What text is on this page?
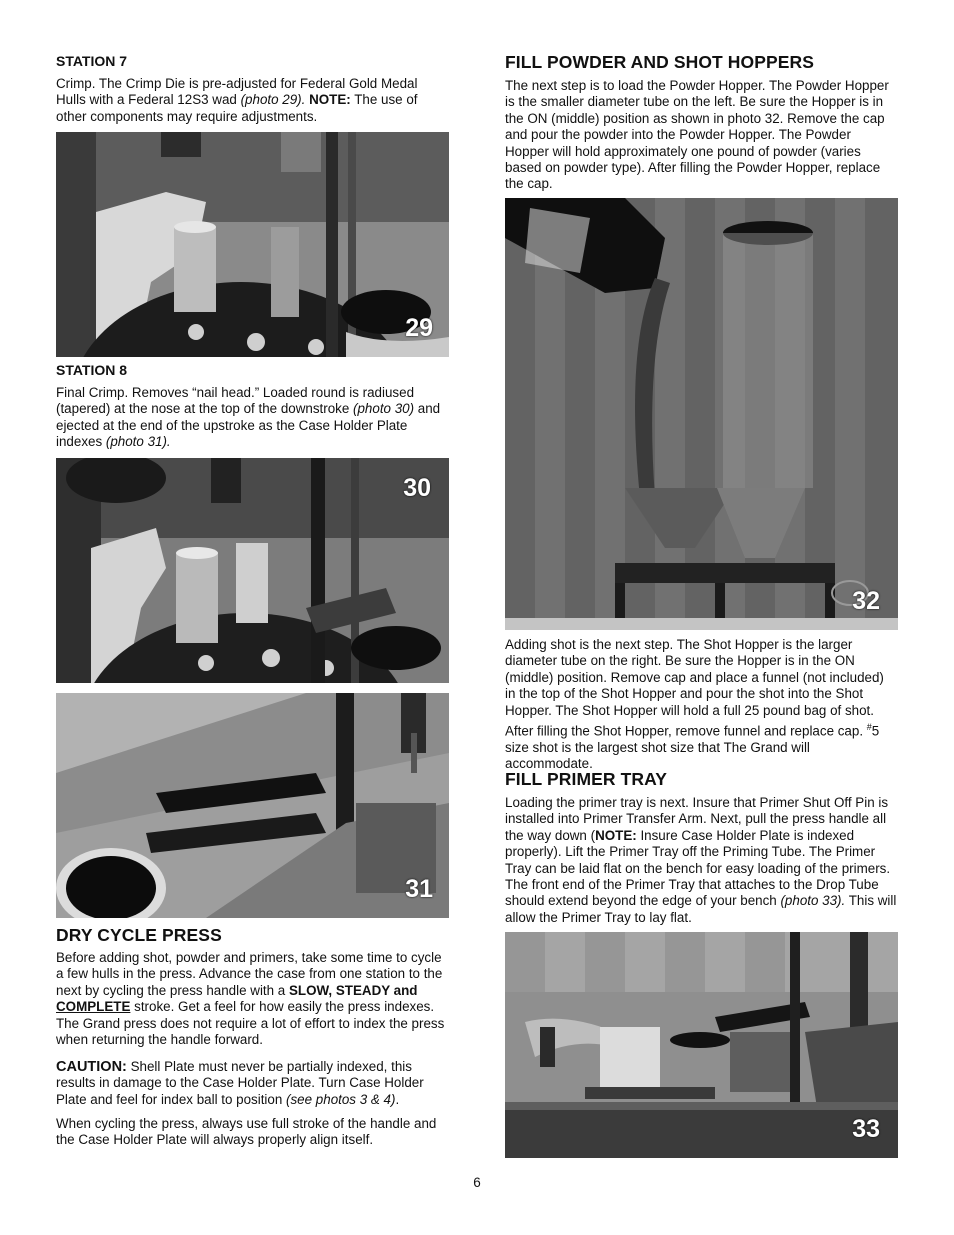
STATION 7

Crimp. The Crimp Die is pre-adjusted for Federal Gold Medal Hulls with a Federal 12S3 wad (photo 29). NOTE: The use of other components may require adjustments.

29
STATION 8

Final Crimp. Removes “nail head.” Loaded round is radiused (tapered) at the nose at the top of the downstroke (photo 30) and ejected at the end of the upstroke as the Case Holder Plate indexes (photo 31).

30
31
DRY CYCLE PRESS

Before adding shot, powder and primers, take some time to cycle a few hulls in the press. Advance the case from one station to the next by cycling the press handle with a SLOW, STEADY and COMPLETE stroke. Get a feel for how easily the press indexes. The Grand press does not require a lot of effort to index the press when returning the handle forward.

CAUTION: Shell Plate must never be partially indexed, this results in damage to the Case Holder Plate. Turn Case Holder Plate and feel for index ball to position (see photos 3 & 4).

When cycling the press, always use full stroke of the handle and the Case Holder Plate will always properly align itself.

FILL POWDER AND SHOT HOPPERS

The next step is to load the Powder Hopper. The Powder Hopper is the smaller diameter tube on the left. Be sure the Hopper is in the ON (middle) position as shown in photo 32. Remove the cap and pour the powder into the Powder Hopper. The Powder Hopper will hold approximately one pound of powder (varies based on powder type). After filling the Powder Hopper, replace the cap.

32

Adding shot is the next step. The Shot Hopper is the larger diameter tube on the right. Be sure the Hopper is in the ON (middle) position. Remove cap and place a funnel (not included) in the top of the Shot Hopper and pour the shot into the Shot Hopper. The Shot Hopper will hold a full 25 pound bag of shot. After filling the Shot Hopper, remove funnel and replace cap. #5 size shot is the largest shot size that The Grand will accommodate.

FILL PRIMER TRAY

Loading the primer tray is next. Insure that Primer Shut Off Pin is installed into Primer Transfer Arm. Next, pull the press handle all the way down (NOTE: Insure Case Holder Plate is indexed properly). Lift the Primer Tray off the Priming Tube. The Primer Tray can be laid flat on the bench for easy loading of the primers. The front end of the Primer Tray that attaches to the Drop Tube should extend beyond the edge of your bench (photo 33). This will allow the Primer Tray to lay flat.

33
6
